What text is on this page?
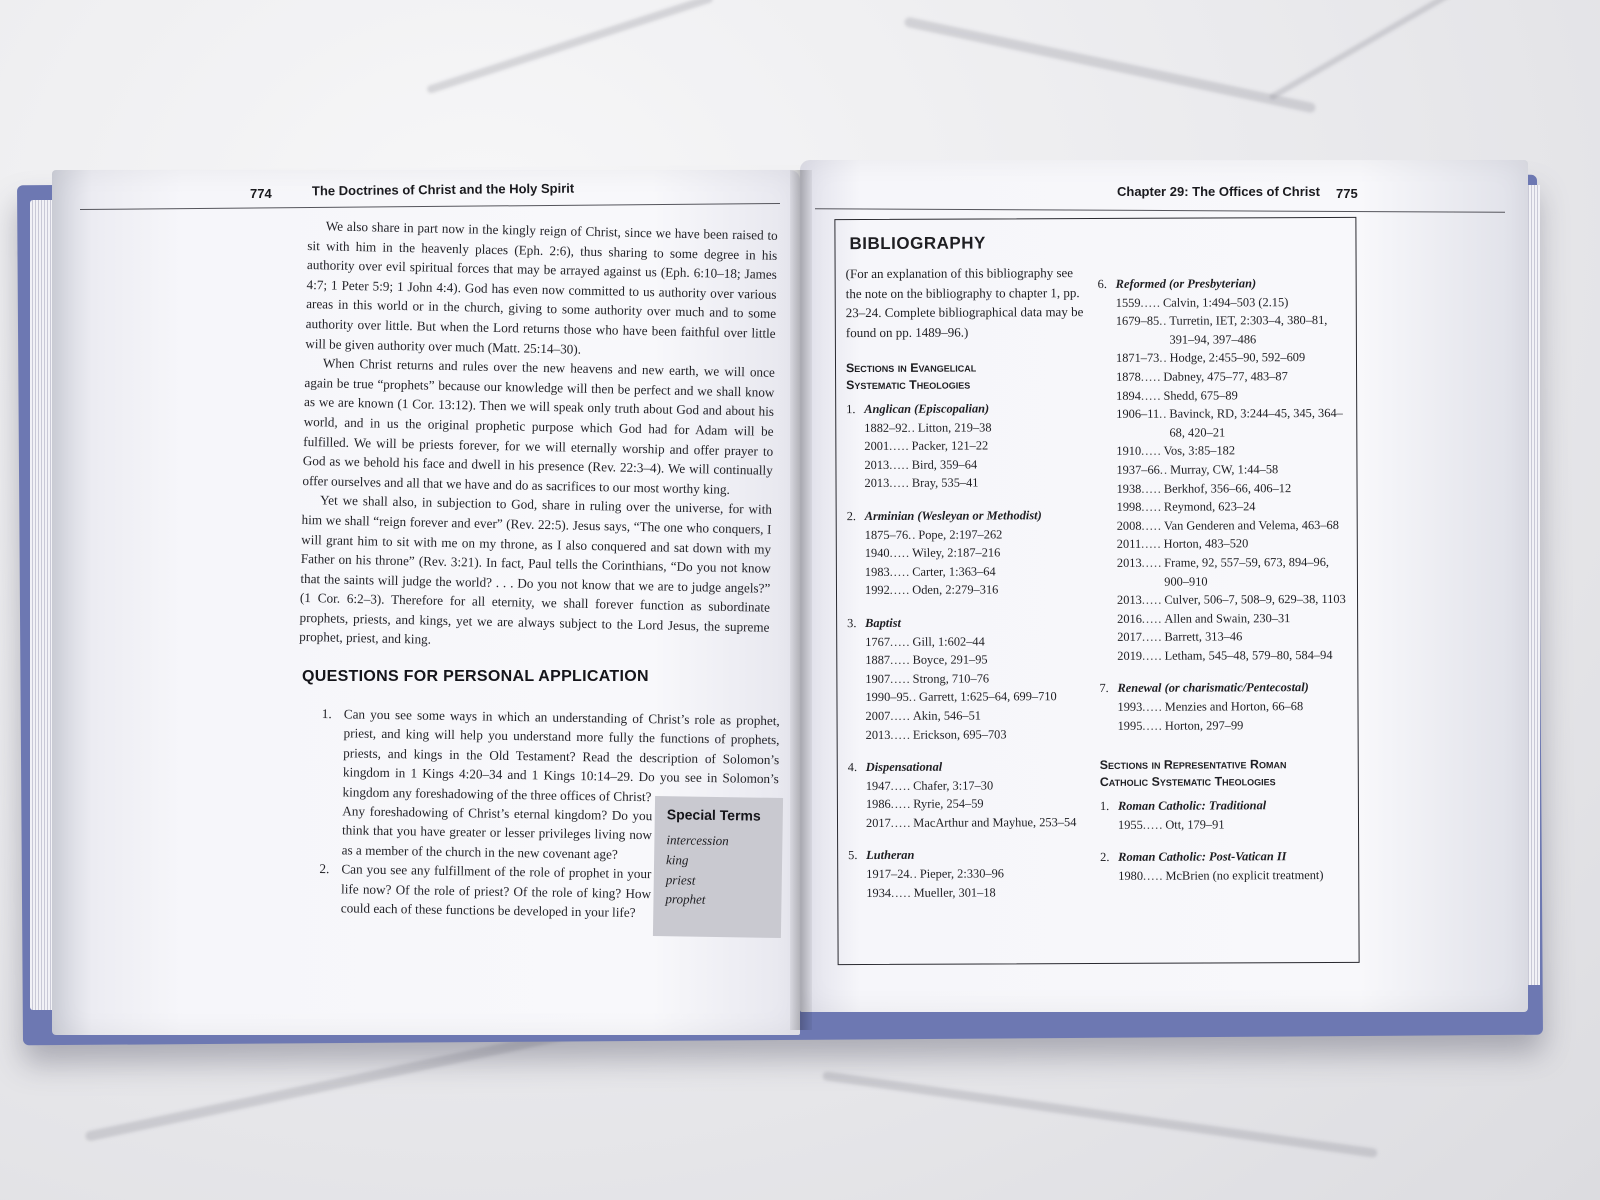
774	The Doctrines of Christ and the Holy Spirit	Chapter 29: The Offices of Christ 775

We also share in part now in the kingly reign of Christ, since we have been raised to sit with him in the heavenly places (Eph. 2:6), thus sharing to some degree in his authority over evil spiritual forces that may be arrayed against us (Eph. 6:10–18; James 4:7; 1 Peter 5:9; 1 John 4:4). God has even now committed to us authority over various areas in this world or in the church, giving to some authority over much and to some authority over little. But when the Lord returns those who have been faithful over little will be given authority over much (Matt. 25:14–30).

When Christ returns and rules over the new heavens and new earth, we will once again be true “prophets” because our knowledge will then be perfect and we shall know as we are known (1 Cor. 13:12). Then we will speak only truth about God and about his world, and in us the original prophetic purpose which God had for Adam will be fulfilled. We will be priests forever, for we will eternally worship and offer prayer to God as we behold his face and dwell in his presence (Rev. 22:3–4). We will continually offer ourselves and all that we have and do as sacrifices to our most worthy king.

Yet we shall also, in subjection to God, share in ruling over the universe, for with him we shall “reign forever and ever” (Rev. 22:5). Jesus says, “The one who conquers, I will grant him to sit with me on my throne, as I also conquered and sat down with my Father on his throne” (Rev. 3:21). In fact, Paul tells the Corinthians, “Do you not know that the saints will judge the world? . . . Do you not know that we are to judge angels?” (1 Cor. 6:2–3). Therefore for all eternity, we shall forever function as subordinate prophets, priests, and kings, yet we are always subject to the Lord Jesus, the supreme prophet, priest, and king.

QUESTIONS FOR PERSONAL APPLICATION
1. Can you see some ways in which an understanding of Christ’s role as prophet, priest, and king will help you understand more fully the functions of prophets, priests, and kings in the Old Testament? Read the description of Solomon’s kingdom in 1 Kings 4:20–34 and 1 Kings 10:14–29. Do you see in Solomon’s kingdom any foreshadowing of the three offices of Christ?
Any foreshadowing of Christ’s eternal kingdom? Do you think that you have greater or lesser privileges living now as a member of the church in the new covenant age?
2. Can you see any fulfillment of the role of prophet in your life now? Of the role of priest? Of the role of king? How could each of these functions be developed in your life?
Special Terms
intercession
king
priest
prophet
BIBLIOGRAPHY
(For an explanation of this bibliography see the note on the bibliography to chapter 1, pp. 23–24. Complete bibliographical data may be found on pp. 1489–96.)
Sections in Evangelical
Systematic Theologies
1. Anglican (Episcopalian)
1882–92 .. Litton, 219–38
2001 ..... Packer, 121–22
2013 ..... Bird, 359–64
2013 ..... Bray, 535–41
2. Arminian (Wesleyan or Methodist)
1875–76 .. Pope, 2:197–262
1940 ..... Wiley, 2:187–216
1983 ..... Carter, 1:363–64
1992 ..... Oden, 2:279–316
3. Baptist
1767 ..... Gill, 1:602–44
1887 ..... Boyce, 291–95
1907 ..... Strong, 710–76
1990–95 .. Garrett, 1:625–64, 699–710
2007 ..... Akin, 546–51
2013 ..... Erickson, 695–703
4. Dispensational
1947 ..... Chafer, 3:17–30
1986 ..... Ryrie, 254–59
2017 ..... MacArthur and Mayhue, 253–54
5. Lutheran
1917–24 .. Pieper, 2:330–96
1934 ..... Mueller, 301–18
6. Reformed (or Presbyterian)
1559 ..... Calvin, 1:494–503 (2.15)
1679–85 .. Turretin, IET, 2:303–4, 380–81, 391–94, 397–486
1871–73 .. Hodge, 2:455–90, 592–609
1878 ..... Dabney, 475–77, 483–87
1894 ..... Shedd, 675–89
1906–11 .. Bavinck, RD, 3:244–45, 345, 364–68, 420–21
1910 ..... Vos, 3:85–182
1937–66 .. Murray, CW, 1:44–58
1938 ..... Berkhof, 356–66, 406–12
1998 ..... Reymond, 623–24
2008 ..... Van Genderen and Velema, 463–68
2011 ..... Horton, 483–520
2013 ..... Frame, 92, 557–59, 673, 894–96, 900–910
2013 ..... Culver, 506–7, 508–9, 629–38, 1103
2016 ..... Allen and Swain, 230–31
2017 ..... Barrett, 313–46
2019 ..... Letham, 545–48, 579–80, 584–94
7. Renewal (or charismatic/Pentecostal)
1993 ..... Menzies and Horton, 66–68
1995 ..... Horton, 297–99
Sections in Representative Roman
Catholic Systematic Theologies
1. Roman Catholic: Traditional
1955 ..... Ott, 179–91
2. Roman Catholic: Post-Vatican II
1980 ..... McBrien (no explicit treatment)
